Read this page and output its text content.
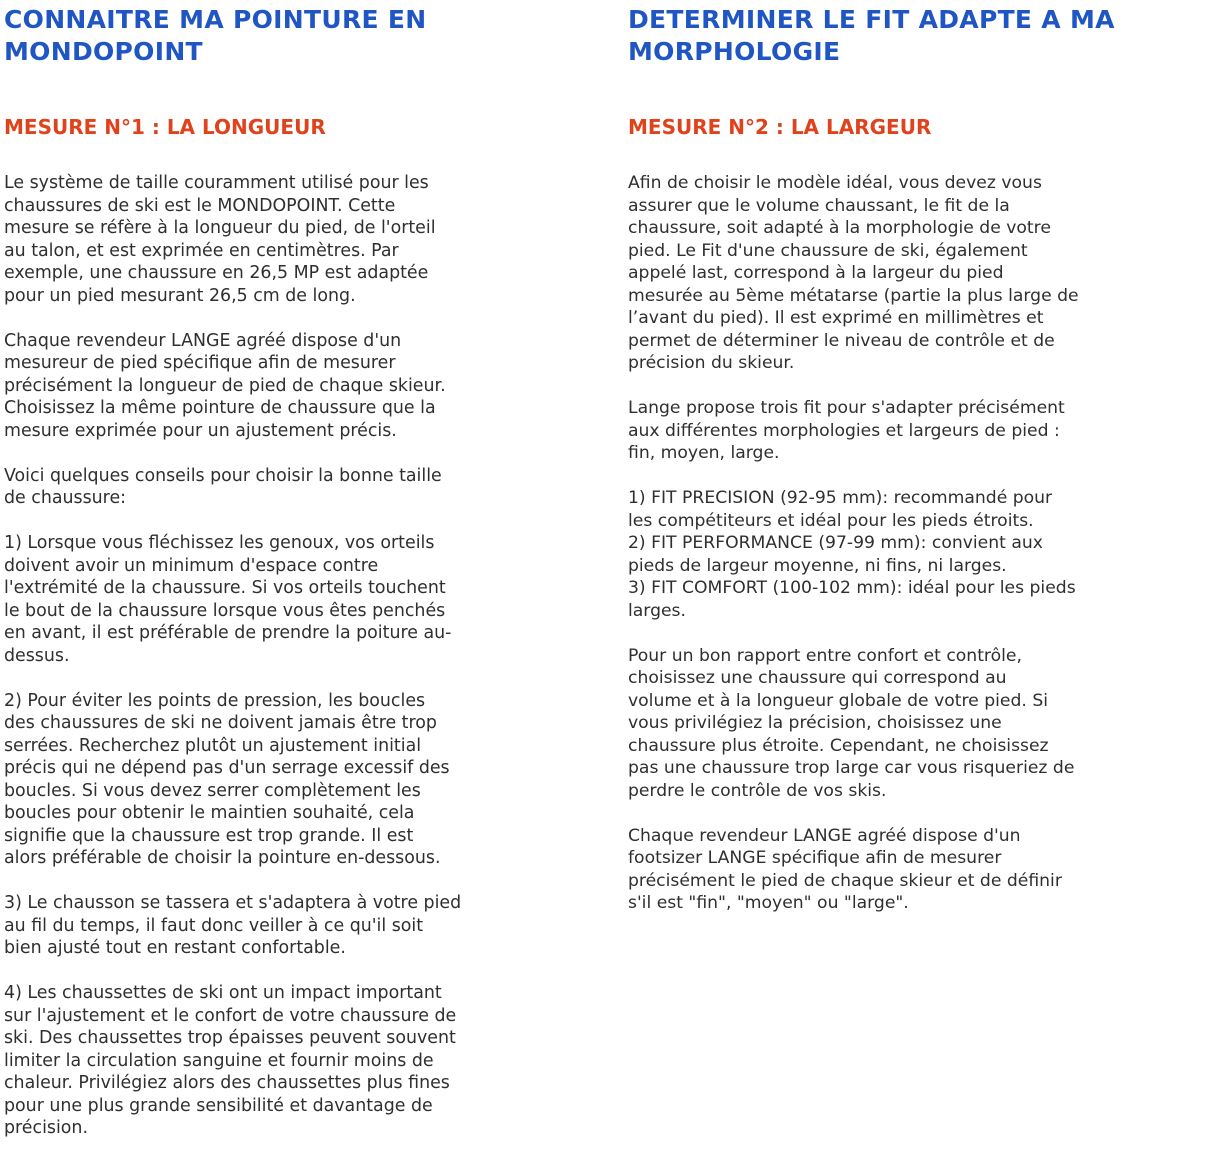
CONNAITRE MA POINTURE EN
MONDOPOINT
MESURE N°1 : LA LONGUEUR

Le système de taille couramment utilisé pour les
chaussures de ski est le MONDOPOINT. Cette
mesure se réfère à la longueur du pied, de l'orteil
au talon, et est exprimée en centimètres. Par
exemple, une chaussure en 26,5 MP est adaptée
pour un pied mesurant 26,5 cm de long.

Chaque revendeur LANGE agréé dispose d'un
mesureur de pied spécifique afin de mesurer
précisément la longueur de pied de chaque skieur.
Choisissez la même pointure de chaussure que la
mesure exprimée pour un ajustement précis.

Voici quelques conseils pour choisir la bonne taille
de chaussure:

1) Lorsque vous fléchissez les genoux, vos orteils
doivent avoir un minimum d'espace contre
l'extrémité de la chaussure. Si vos orteils touchent
le bout de la chaussure lorsque vous êtes penchés
en avant, il est préférable de prendre la poiture au-
dessus.

2) Pour éviter les points de pression, les boucles
des chaussures de ski ne doivent jamais être trop
serrées. Recherchez plutôt un ajustement initial
précis qui ne dépend pas d'un serrage excessif des
boucles. Si vous devez serrer complètement les
boucles pour obtenir le maintien souhaité, cela
signifie que la chaussure est trop grande. Il est
alors préférable de choisir la pointure en-dessous.

3) Le chausson se tassera et s'adaptera à votre pied
au fil du temps, il faut donc veiller à ce qu'il soit
bien ajusté tout en restant confortable.

4) Les chaussettes de ski ont un impact important
sur l'ajustement et le confort de votre chaussure de
ski. Des chaussettes trop épaisses peuvent souvent
limiter la circulation sanguine et fournir moins de
chaleur. Privilégiez alors des chaussettes plus fines
pour une plus grande sensibilité et davantage de
précision.

DETERMINER LE FIT ADAPTE A MA
MORPHOLOGIE
MESURE N°2 : LA LARGEUR

Afin de choisir le modèle idéal, vous devez vous
assurer que le volume chaussant, le fit de la
chaussure, soit adapté à la morphologie de votre
pied. Le Fit d'une chaussure de ski, également
appelé last, correspond à la largeur du pied
mesurée au 5ème métatarse (partie la plus large de
l’avant du pied). Il est exprimé en millimètres et
permet de déterminer le niveau de contrôle et de
précision du skieur.

Lange propose trois fit pour s'adapter précisément
aux différentes morphologies et largeurs de pied :
fin, moyen, large.

1) FIT PRECISION (92-95 mm): recommandé pour
les compétiteurs et idéal pour les pieds étroits.
2) FIT PERFORMANCE (97-99 mm): convient aux
pieds de largeur moyenne, ni fins, ni larges.
3) FIT COMFORT (100-102 mm): idéal pour les pieds
larges.

Pour un bon rapport entre confort et contrôle,
choisissez une chaussure qui correspond au
volume et à la longueur globale de votre pied. Si
vous privilégiez la précision, choisissez une
chaussure plus étroite. Cependant, ne choisissez
pas une chaussure trop large car vous risqueriez de
perdre le contrôle de vos skis.

Chaque revendeur LANGE agréé dispose d'un
footsizer LANGE spécifique afin de mesurer
précisément le pied de chaque skieur et de définir
s'il est "fin", "moyen" ou "large".
